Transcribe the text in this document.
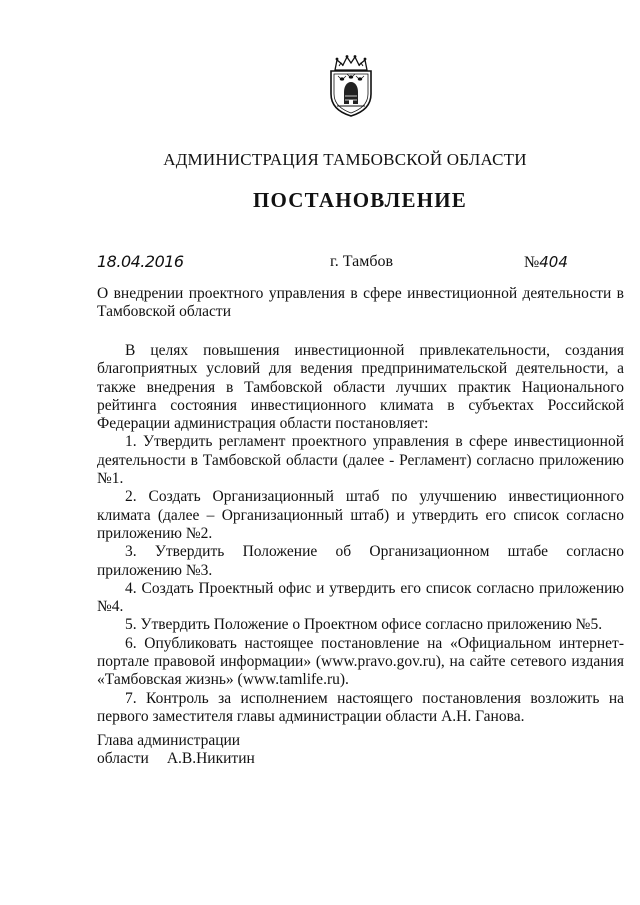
АДМИНИСТРАЦИЯ ТАМБОВСКОЙ ОБЛАСТИ
ПОСТАНОВЛЕНИЕ
18.04.2016	г. Тамбов	№404
О внедрении проектного управления в сфере инвестиционной деятельности в Тамбовской области

В целях повышения инвестиционной привлекательности, создания благоприятных условий для ведения предпринимательской деятельности, а также внедрения в Тамбовской области лучших практик Национального рейтинга состояния инвестиционного климата в субъектах Российской Федерации администрация области постановляет:

1. Утвердить регламент проектного управления в сфере инвестиционной деятельности в Тамбовской области (далее - Регламент) согласно приложению №1.

2. Создать Организационный штаб по улучшению инвестиционного климата (далее – Организационный штаб) и утвердить его список согласно приложению №2.

3. Утвердить Положение об Организационном штабе согласно приложению №3.

4. Создать Проектный офис и утвердить его список согласно приложению №4.

5. Утвердить Положение о Проектном офисе согласно приложению №5.

6. Опубликовать настоящее постановление на «Официальном интернет-портале правовой информации» (www.pravo.gov.ru), на сайте сетевого издания «Тамбовская жизнь» (www.tamlife.ru).

7. Контроль за исполнением настоящего постановления возложить на первого заместителя главы администрации области А.Н. Ганова.

Глава администрации
области А.В.Никитин
